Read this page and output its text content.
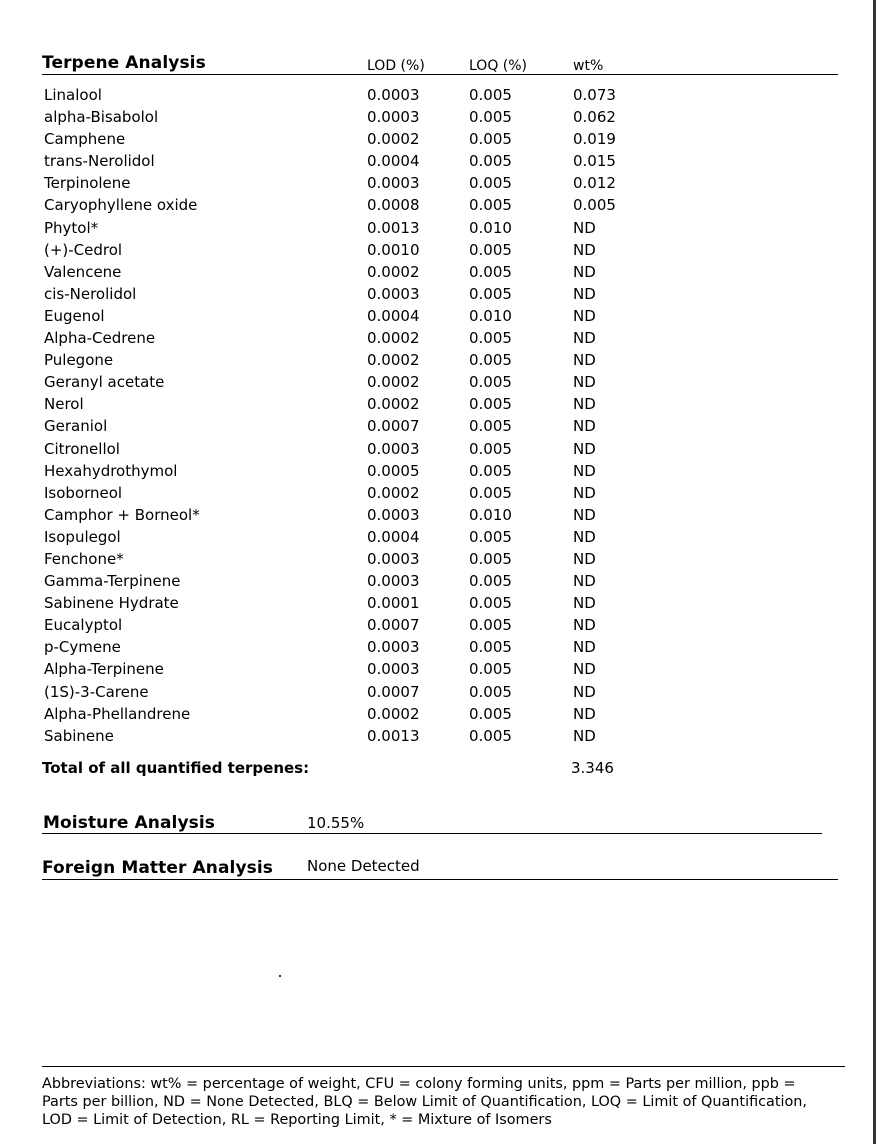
Terpene Analysis	LOD (%)	LOQ (%)	wt%
Linalool	0.0003	0.005	0.073
alpha-Bisabolol	0.0003	0.005	0.062
Camphene	0.0002	0.005	0.019
trans-Nerolidol	0.0004	0.005	0.015
Terpinolene	0.0003	0.005	0.012
Caryophyllene oxide	0.0008	0.005	0.005
Phytol*	0.0013	0.010	ND
(+)-Cedrol	0.0010	0.005	ND
Valencene	0.0002	0.005	ND
cis-Nerolidol	0.0003	0.005	ND
Eugenol	0.0004	0.010	ND
Alpha-Cedrene	0.0002	0.005	ND
Pulegone	0.0002	0.005	ND
Geranyl acetate	0.0002	0.005	ND
Nerol	0.0002	0.005	ND
Geraniol	0.0007	0.005	ND
Citronellol	0.0003	0.005	ND
Hexahydrothymol	0.0005	0.005	ND
Isoborneol	0.0002	0.005	ND
Camphor + Borneol*	0.0003	0.010	ND
Isopulegol	0.0004	0.005	ND
Fenchone*	0.0003	0.005	ND
Gamma-Terpinene	0.0003	0.005	ND
Sabinene Hydrate	0.0001	0.005	ND
Eucalyptol	0.0007	0.005	ND
p-Cymene	0.0003	0.005	ND
Alpha-Terpinene	0.0003	0.005	ND
(1S)-3-Carene	0.0007	0.005	ND
Alpha-Phellandrene	0.0002	0.005	ND
Sabinene	0.0013	0.005	ND
Total of all quantified terpenes:	3.346
Moisture Analysis	10.55%
Foreign Matter Analysis None Detected
Abbreviations: wt% = percentage of weight, CFU = colony forming units, ppm = Parts per million, ppb = Parts per billion, ND = None Detected, BLQ = Below Limit of Quantification, LOQ = Limit of Quantification, LOD = Limit of Detection, RL = Reporting Limit, * = Mixture of Isomers
